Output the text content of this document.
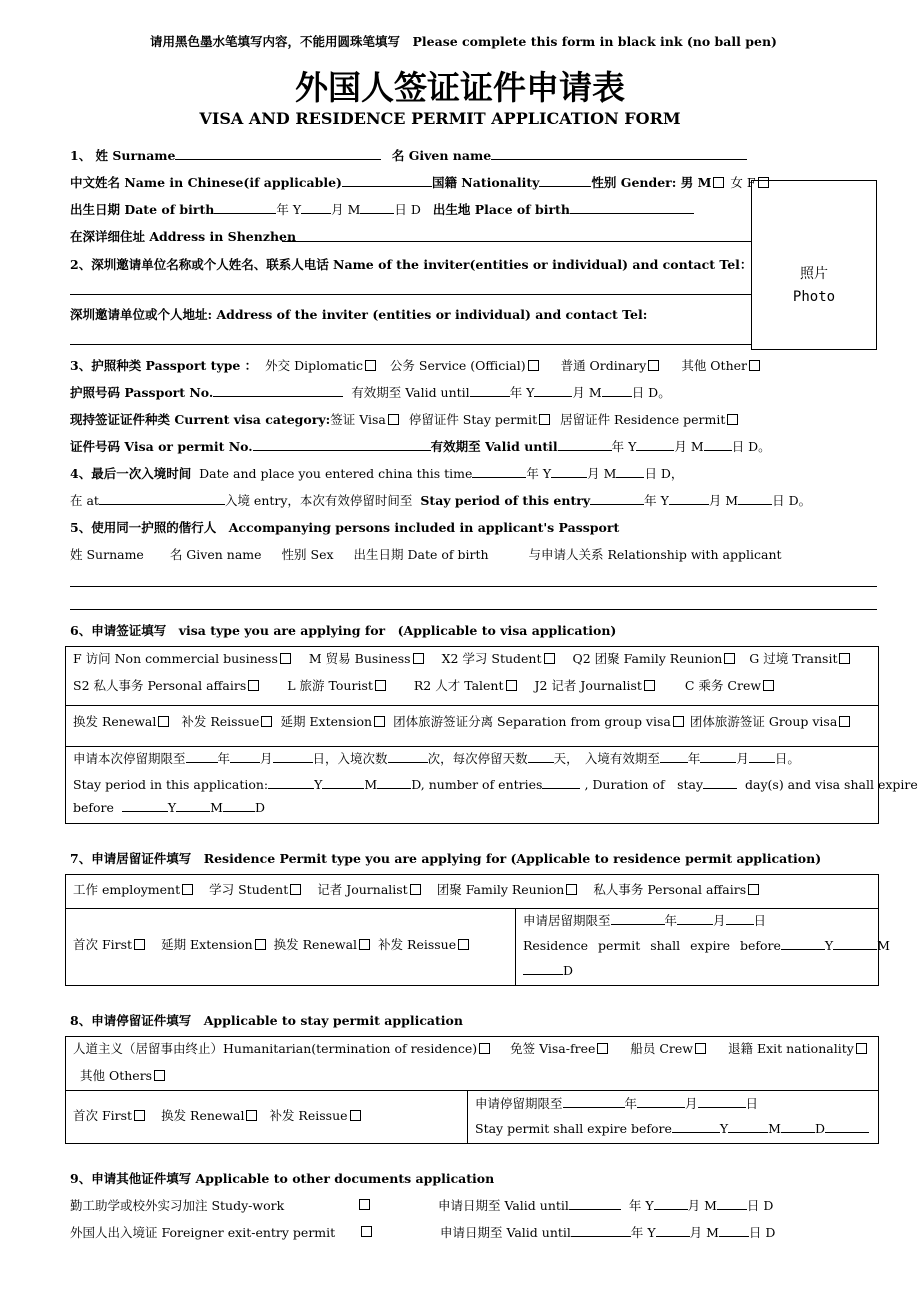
请用黑色墨水笔填写内容，不能用圆珠笔填写　Please complete this form in black ink (no ball pen)
外国人签证证件申请表
VISA AND RESIDENCE PERMIT APPLICATION FORM
照片
Photo
1、 姓 Surname	名 Given name
中文姓名 Name in Chinese(if applicable)	国籍 Nationality	性别 Gender: 男 M 女 F
出生日期 Date of birth	年 Y 月 M	日 D 出生地 Place of birth
在深详细住址 Address in Shenzhen
2、深圳邀请单位名称或个人姓名、联系人电话 Name of the inviter(entities or individual) and contact Tel：
深圳邀请单位或个人地址: Address of the inviter (entities or individual) and contact Tel:
3、护照种类 Passport type ： 外交 Diplomatic 公务 Service (Official)	普通 Ordinary	其他 Other
护照号码 Passport No.	有效期至 Valid until	年 Y	月 M 日 D。
现持签证证件种类 Current visa category:签证 Visa 停留证件 Stay permit 居留证件 Residence permit
证件号码 Visa or permit No.	有效期至 Valid until	年 Y	月 M 日 D。
4、最后一次入境时间 Date and place you entered china this time	年 Y	月 M 日 D，
在 at	入境 entry，本次有效停留时间至 Stay period of this entry	年 Y	月 M	日 D。
5、使用同一护照的偕行人　Accompanying persons included in applicant's Passport
姓 Surname 名 Given name 性别 Sex 出生日期 Date of birth	与申请人关系 Relationship with applicant
6、申请签证填写　visa type you are applying for　(Applicable to visa application)
F 访问 Non commercial business M 贸易 Business X2 学习 Student Q2 团聚 Family Reunion G 过境 Transit
S2 私人事务 Personal affairs	L 旅游 Tourist	R2 人才 Talent J2 记者 Journalist	C 乘务 Crew
换发 Renewal 补发 Reissue 延期 Extension 团体旅游签证分离 Separation from group visa 团体旅游签证 Group visa
申请本次停留期限至	年 月	日，入境次数	次，每次停留天数 天，　入境有效期至 年	月 日。
Stay period in this application:	Y	M	D, number of entries	, Duration of　stay	day(s) and visa shall expire
before	Y	M	D
7、申请居留证件填写　Residence Permit type you are applying for (Applicable to residence permit application)
工作 employment 学习 Student 记者 Journalist 团聚 Family Reunion 私人事务 Personal affairs
首次 First 延期 Extension 换发 Renewal 补发 Reissue
申请居留期限至	年	月 日
Residence permit shall expire before	Y	M
D
8、申请停留证件填写　Applicable to stay permit application
人道主义（居留事由终止）Humanitarian(termination of residence)	免签 Visa-free	船员 Crew	退籍 Exit nationality
其他 Others
首次 First 换发 Renewal 补发 Reissue
申请停留期限至	年	月	日
Stay permit shall expire before	Y	M	D
9、申请其他证件填写 Applicable to other documents application
勤工助学或校外实习加注 Study-work	申请日期至 Valid until	年 Y	月 M 日 D
外国人出入境证 Foreigner exit-entry permit	申请日期至 Valid until	年 Y	月 M 日 D
